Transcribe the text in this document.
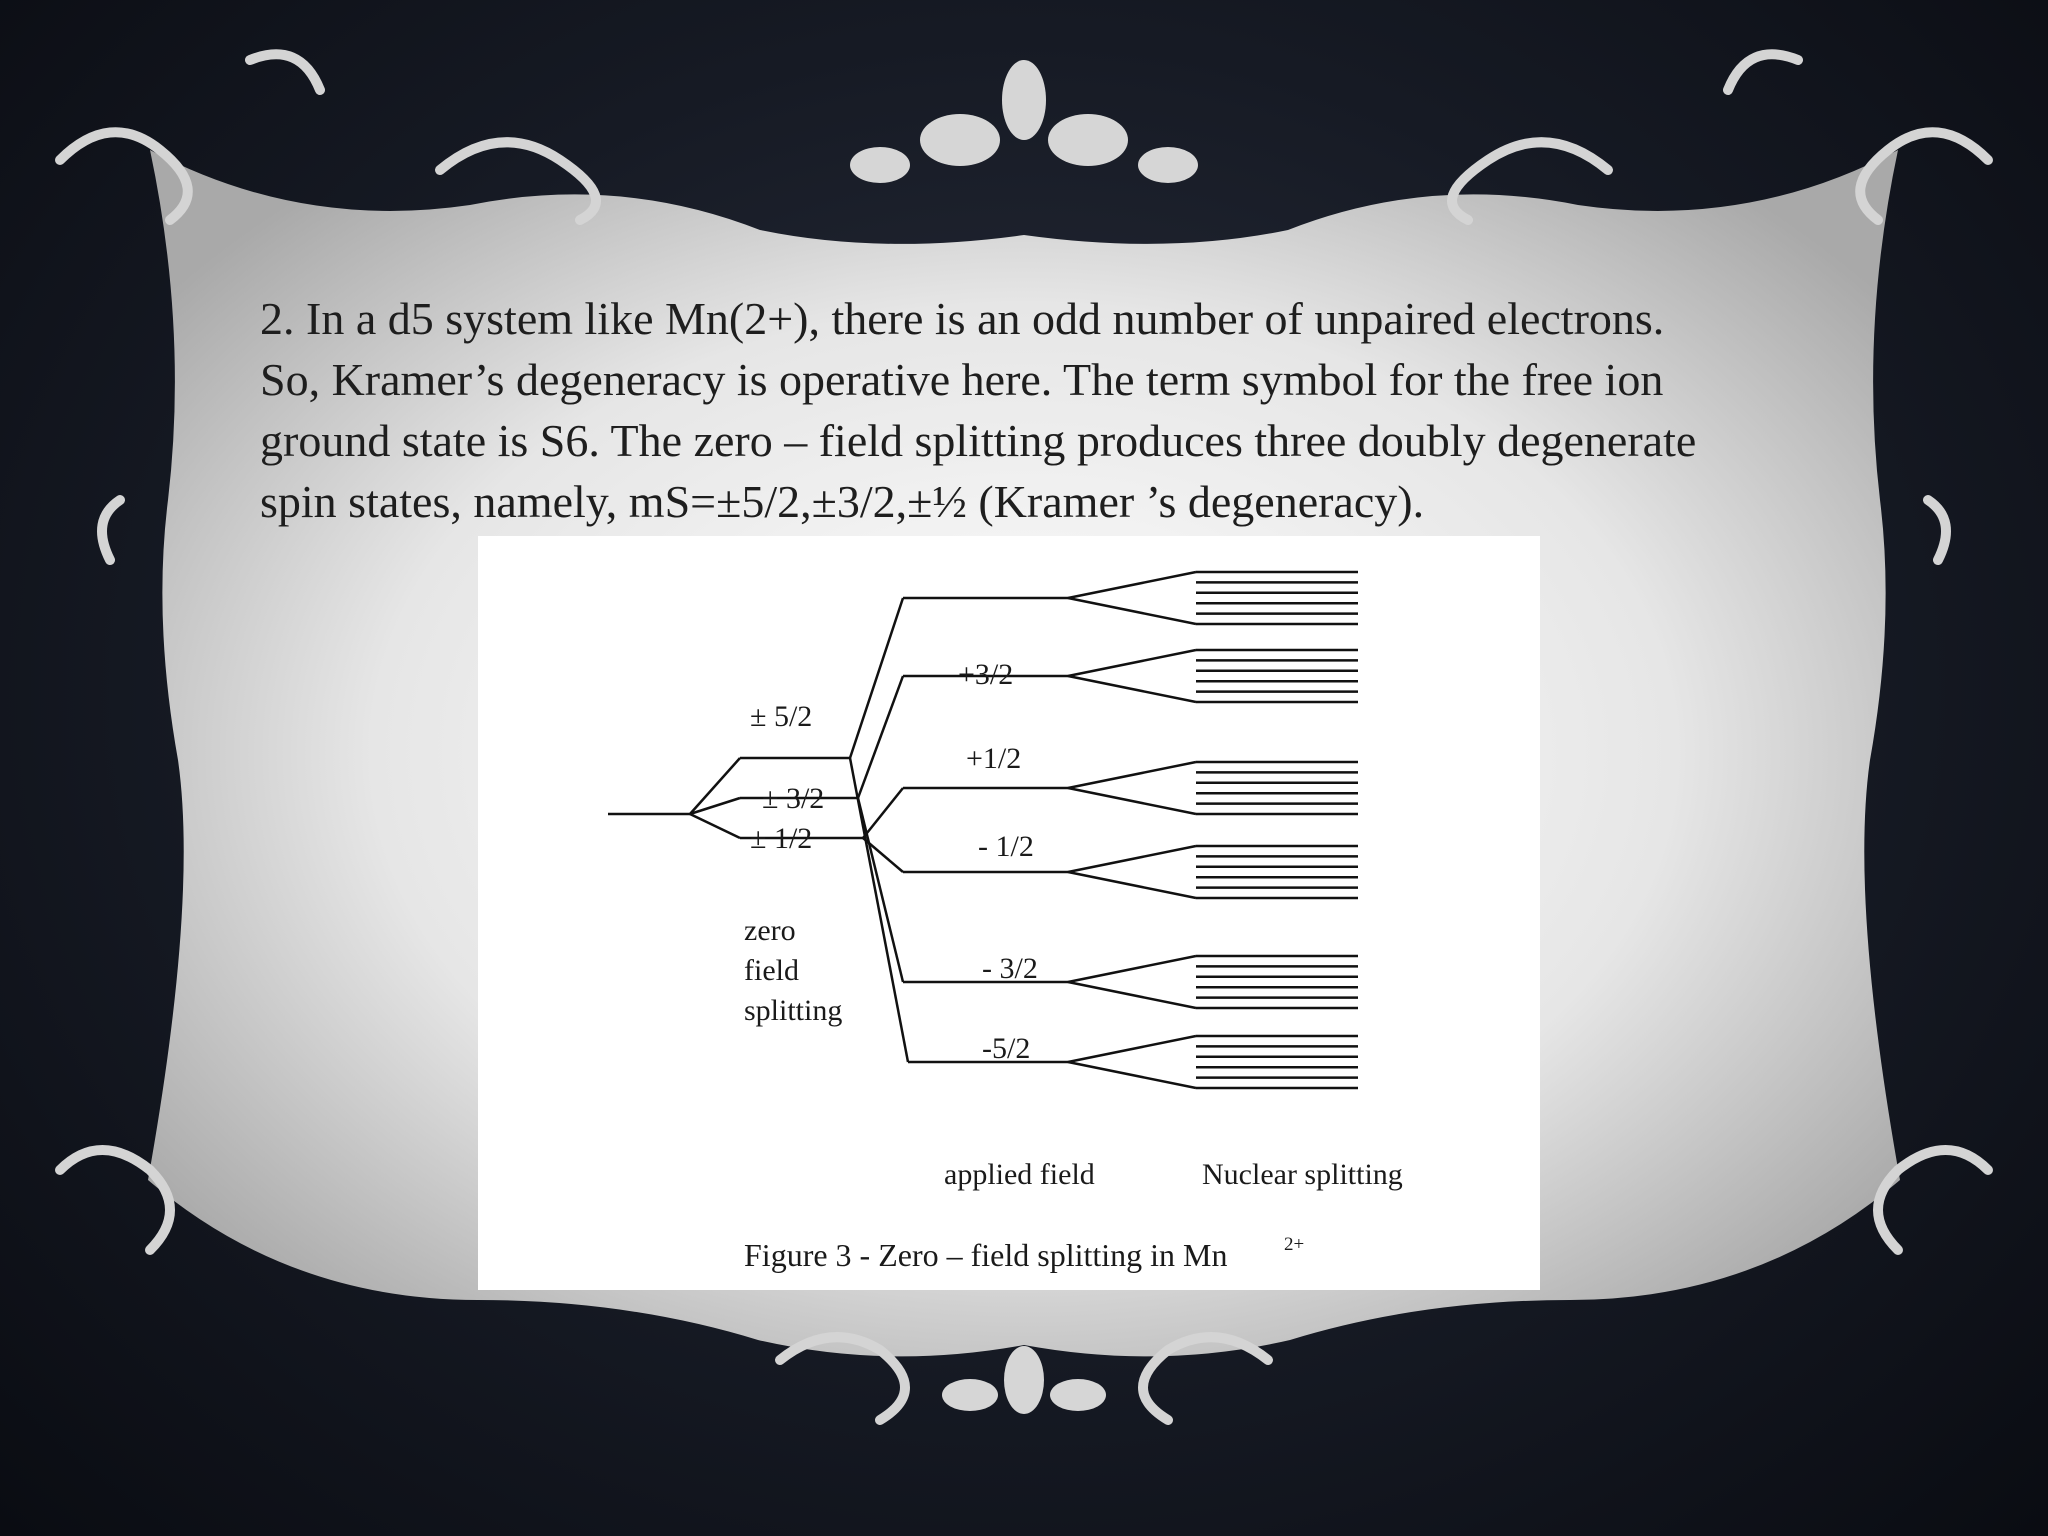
2. In a d5 system like Mn(2+), there is an odd number of unpaired electrons.
So, Kramer’s degeneracy is operative here. The term symbol for the free ion
ground state is S6. The zero – field splitting produces three doubly degenerate
spin states, namely, mS=±5/2,±3/2,±½ (Kramer ’s degeneracy).
± 5/2
± 3/2
± 1/2
zero
field
splitting
+3/2
+1/2
- 1/2
- 3/2
-5/2
applied field	Nuclear splitting
Figure 3 - Zero – field splitting in Mn	2+
